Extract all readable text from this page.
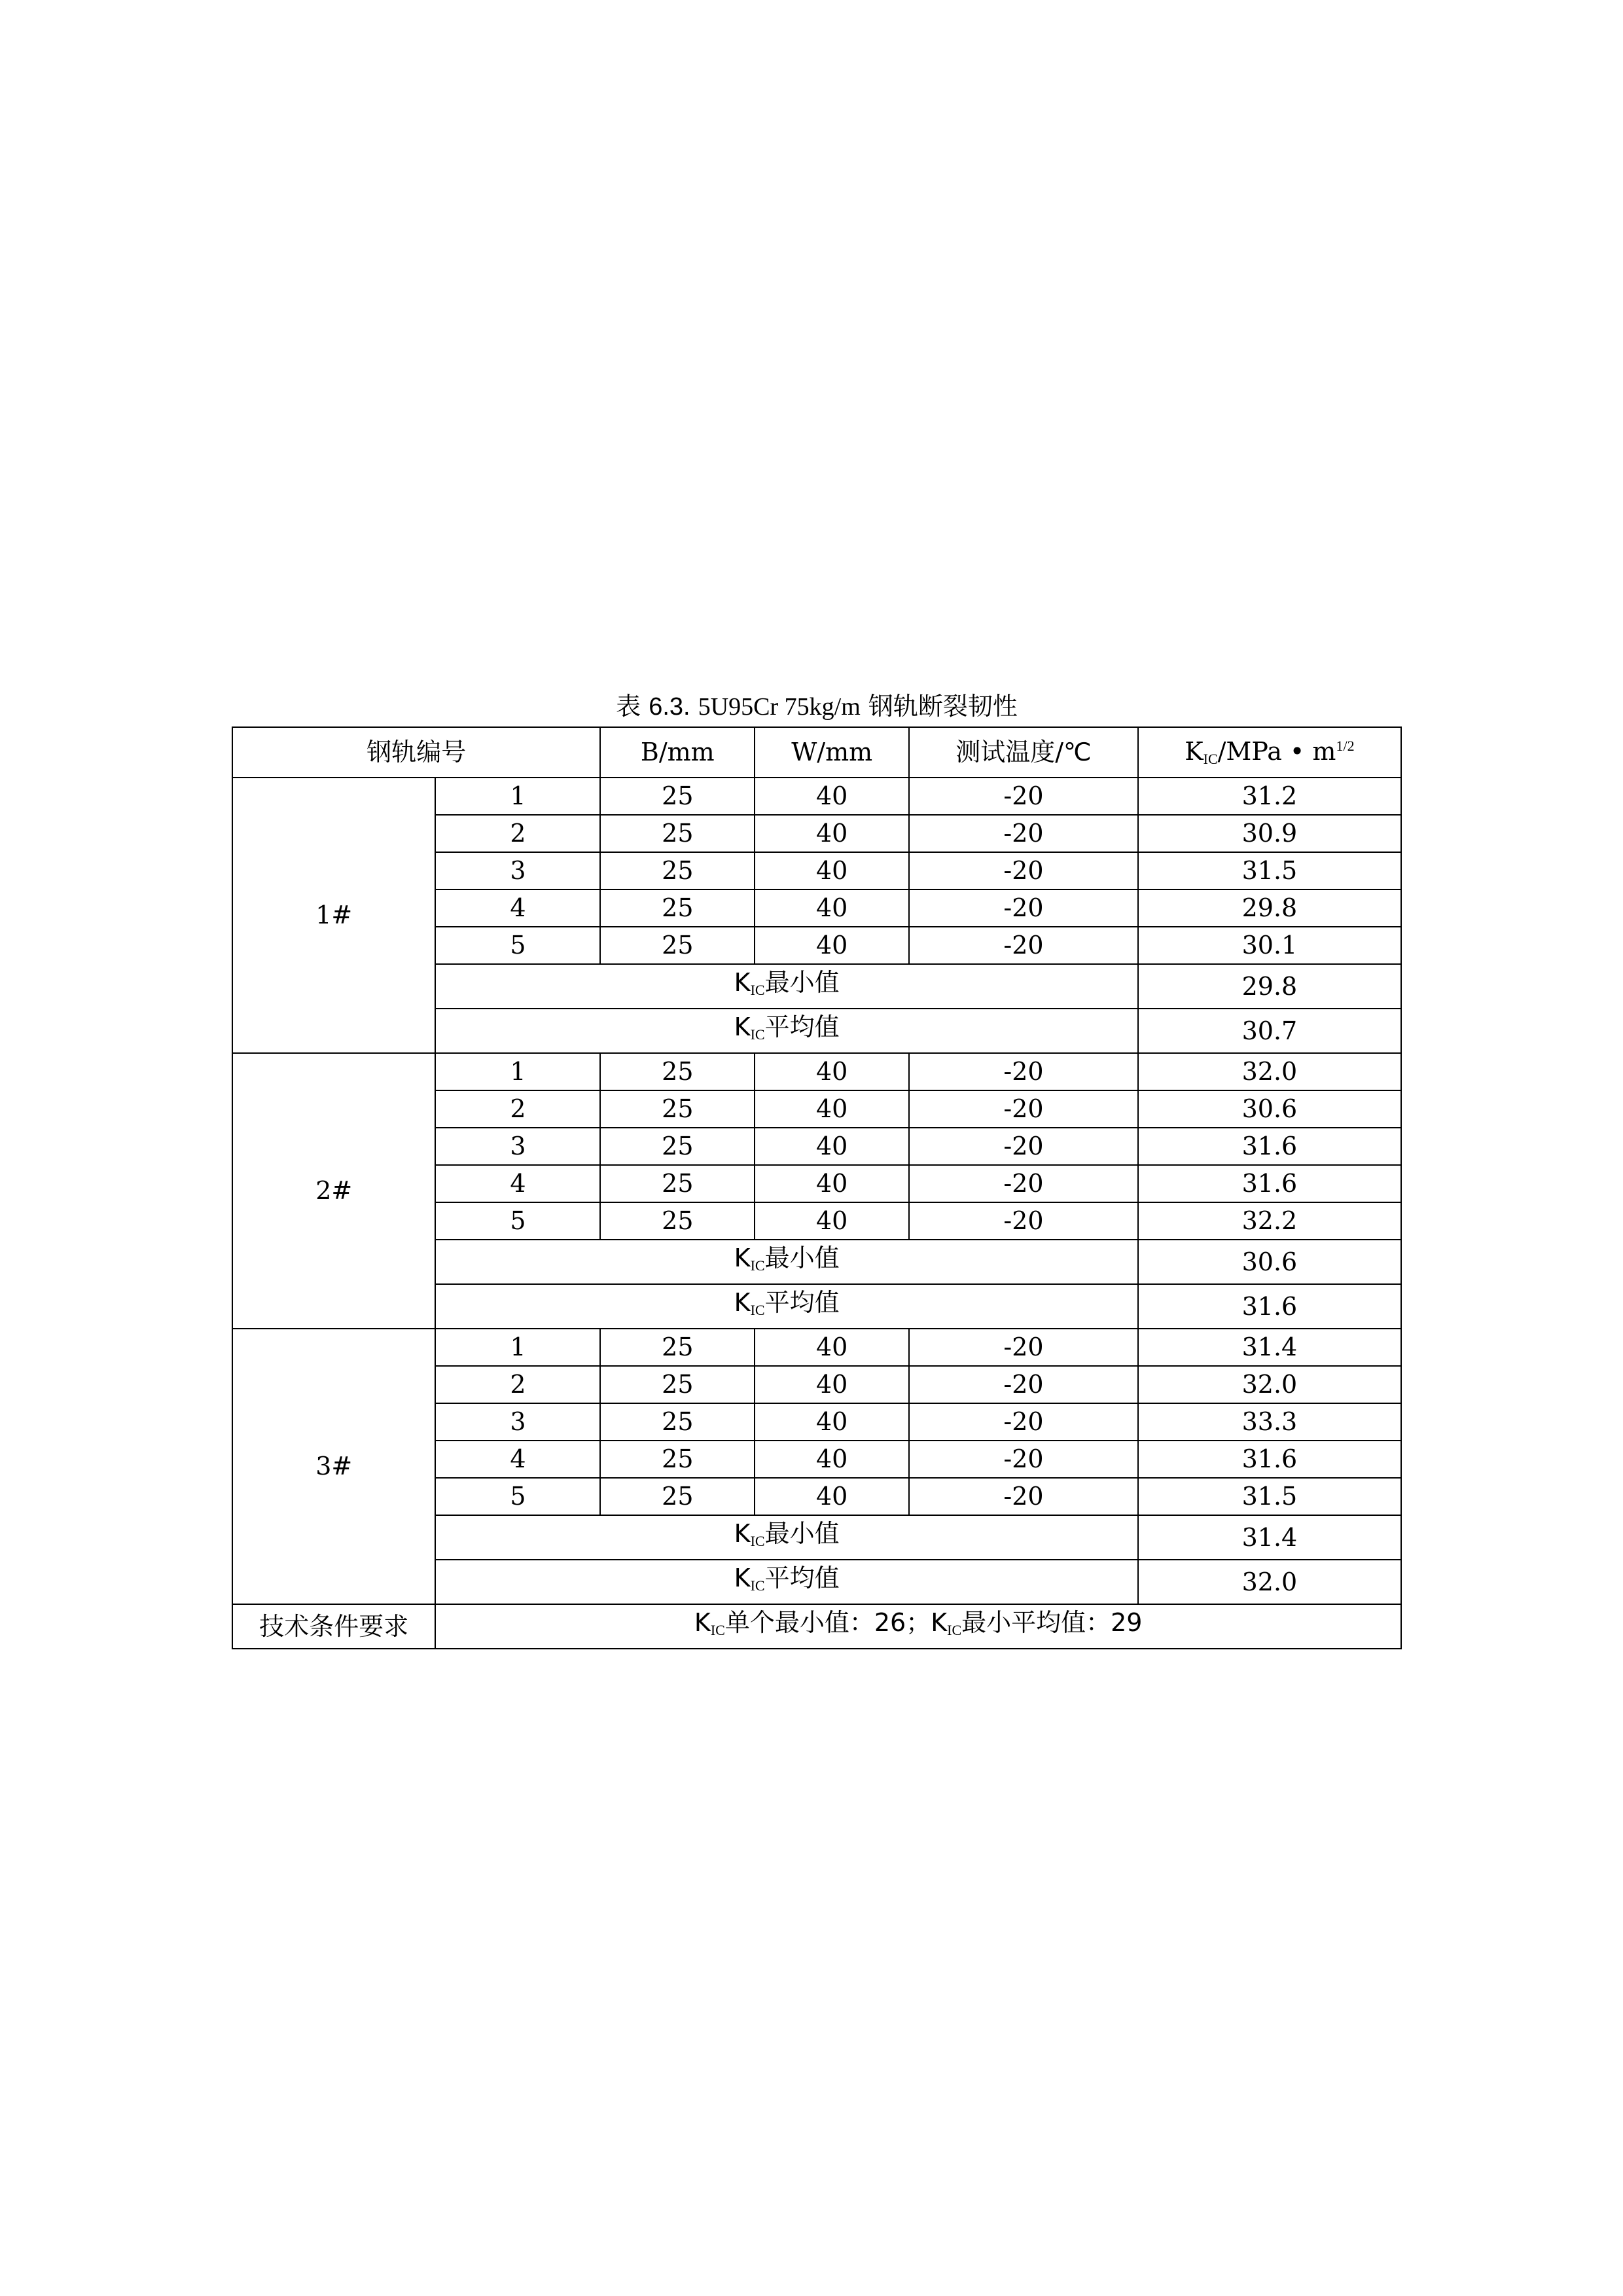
表 6.3. 5U95Cr 75kg/m 钢轨断裂韧性
钢轨编号		B/mm	W/mm	测试温度/℃	$K_{IC}$/MPa • $m^{1/2}$
1#	1	25	40	-20	31.2
	2	25	40	-20	30.9
	3	25	40	-20	31.5
	4	25	40	-20	29.8
	5	25	40	-20	30.1
	$K_{IC}$最小值				29.8
	$K_{IC}$平均值				30.7
2#	1	25	40	-20	32.0
	2	25	40	-20	30.6
	3	25	40	-20	31.6
	4	25	40	-20	31.6
	5	25	40	-20	32.2
	$K_{IC}$最小值				30.6
	$K_{IC}$平均值				31.6
3#	1	25	40	-20	31.4
	2	25	40	-20	32.0
	3	25	40	-20	33.3
	4	25	40	-20	31.6
	5	25	40	-20	31.5
	$K_{IC}$最小值				31.4
	$K_{IC}$平均值				32.0
技术条件要求	$K_{IC}$单个最小值：26；$K_{IC}$最小平均值：29				
